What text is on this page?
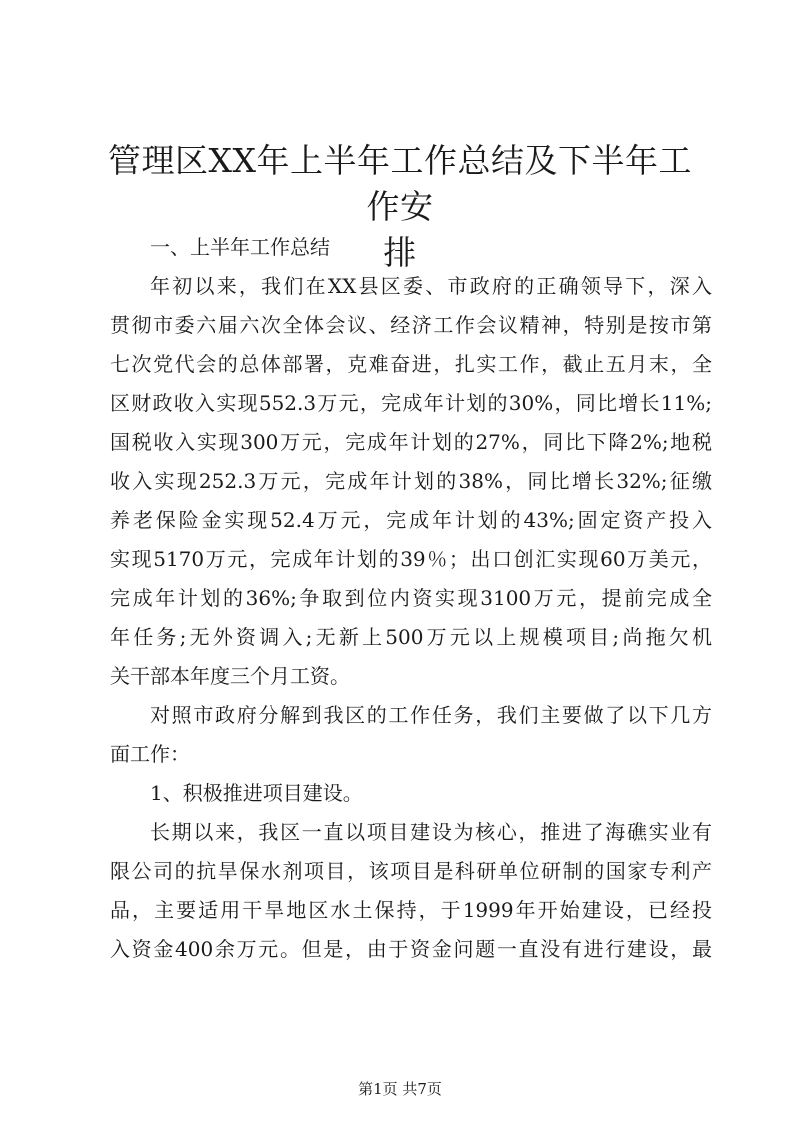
管理区XX年上半年工作总结及下半年工作安
排
一、上半年工作总结
年初以来，我们在XX县区委、市政府的正确领导下，深入
贯彻市委六届六次全体会议、经济工作会议精神，特别是按市第
七次党代会的总体部署，克难奋进，扎实工作，截止五月末，全
区财政收入实现552.3万元，完成年计划的30%，同比增长11%;
国税收入实现300万元，完成年计划的27%，同比下降2%;地税
收入实现252.3万元，完成年计划的38%，同比增长32%;征缴
养老保险金实现52.4万元，完成年计划的43%;固定资产投入
实现5170万元，完成年计划的39％；出口创汇实现60万美元，
完成年计划的36%;争取到位内资实现3100万元，提前完成全
年任务;无外资调入;无新上500万元以上规模项目;尚拖欠机
关干部本年度三个月工资。
对照市政府分解到我区的工作任务，我们主要做了以下几方
面工作：
1、积极推进项目建设。
长期以来，我区一直以项目建设为核心，推进了海礁实业有
限公司的抗旱保水剂项目，该项目是科研单位研制的国家专利产
品，主要适用干旱地区水土保持，于1999年开始建设，已经投
入资金400余万元。但是，由于资金问题一直没有进行建设，最
第1页 共7页
